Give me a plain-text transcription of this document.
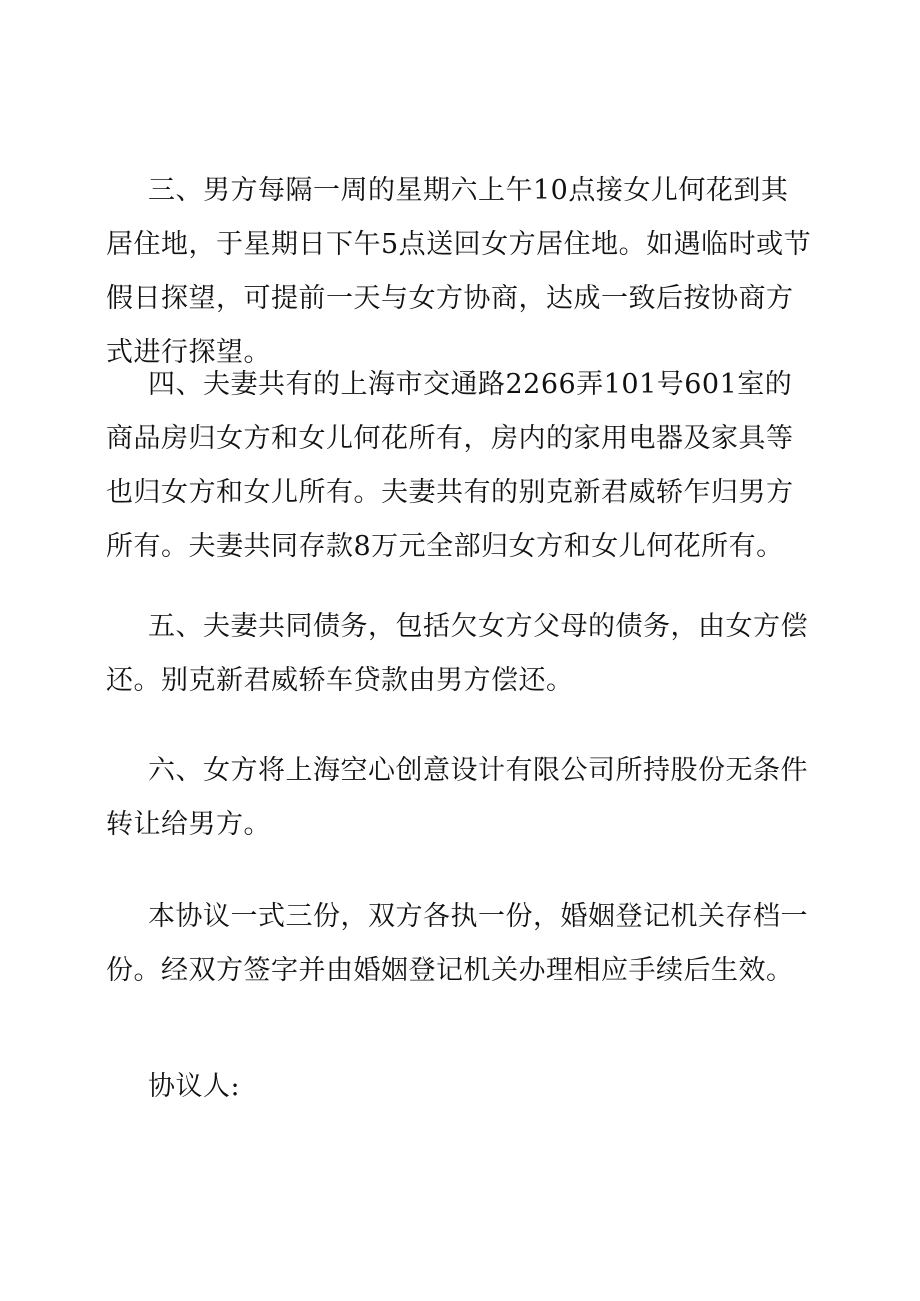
三、男方每隔一周的星期六上午10点接女儿何花到其居住地，于星期日下午5点送回女方居住地。如遇临时或节假日探望，可提前一天与女方协商，达成一致后按协商方式进行探望。

四、夫妻共有的上海市交通路2266弄101号601室的商品房归女方和女儿何花所有，房内的家用电器及家具等也归女方和女儿所有。夫妻共有的别克新君威轿乍归男方所有。夫妻共同存款8万元全部归女方和女儿何花所有。

五、夫妻共同债务，包括欠女方父母的债务，由女方偿还。别克新君威轿车贷款由男方偿还。

六、女方将上海空心创意设计有限公司所持股份无条件转让给男方。

本协议一式三份，双方各执一份，婚姻登记机关存档一份。经双方签字并由婚姻登记机关办理相应手续后生效。

协议人:
